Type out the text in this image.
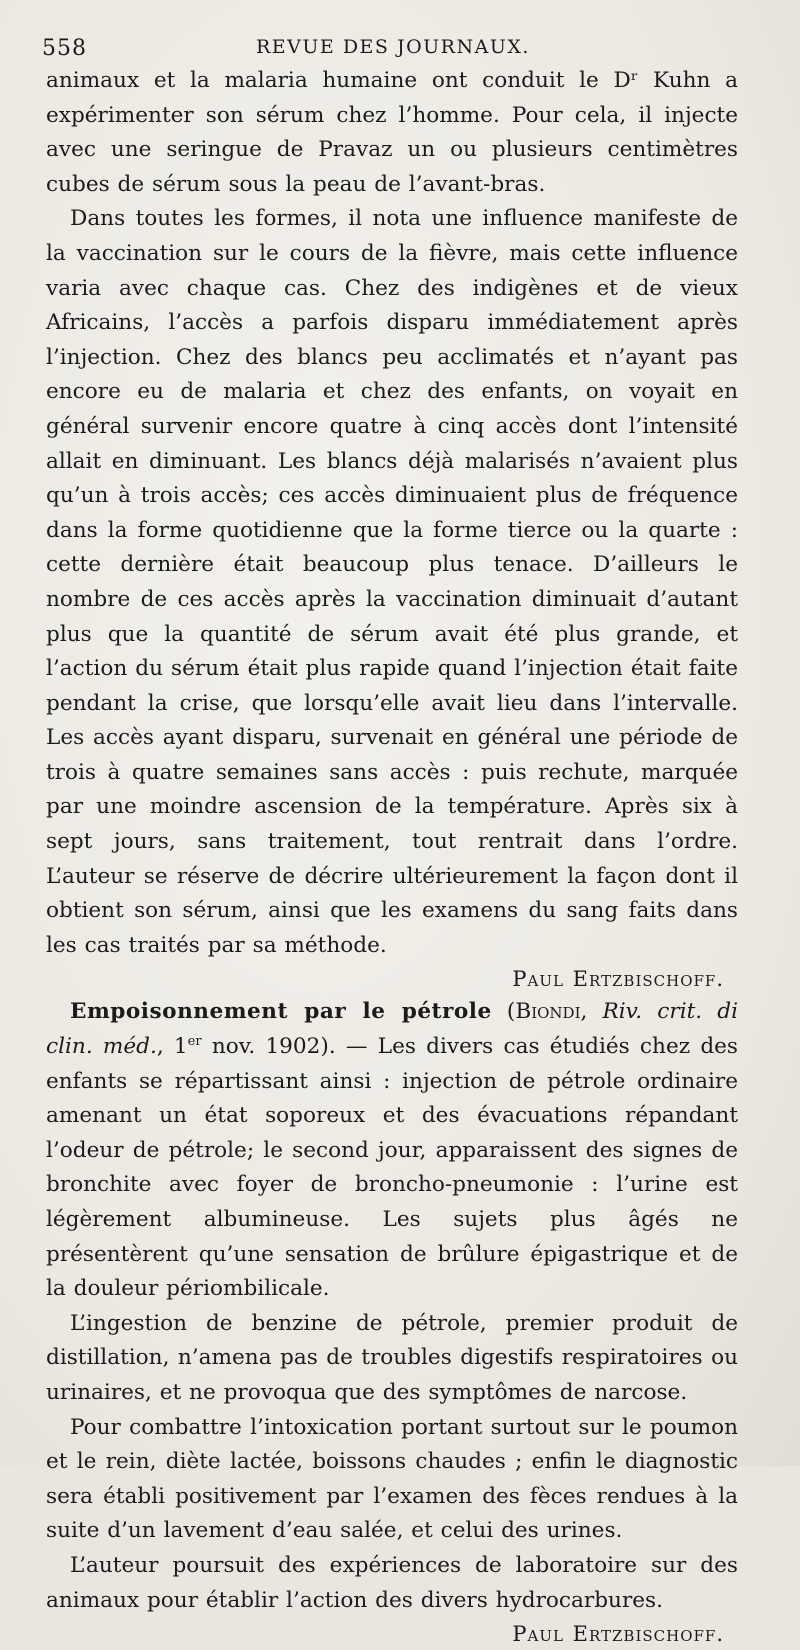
558	REVUE DES JOURNAUX.

animaux et la malaria humaine ont conduit le Dʳ Kuhn a expérimenter son sérum chez l’homme. Pour cela, il injecte avec une seringue de Pravaz un ou plusieurs centimètres cubes de sérum sous la peau de l’avant-bras.

Dans toutes les formes, il nota une influence manifeste de la vaccination sur le cours de la fièvre, mais cette influence varia avec chaque cas. Chez des indigènes et de vieux Africains, l’accès a parfois disparu immédiatement après l’injection. Chez des blancs peu acclimatés et n’ayant pas encore eu de malaria et chez des enfants, on voyait en général survenir encore quatre à cinq accès dont l’intensité allait en diminuant. Les blancs déjà malarisés n’avaient plus qu’un à trois accès; ces accès diminuaient plus de fréquence dans la forme quotidienne que la forme tierce ou la quarte : cette dernière était beaucoup plus tenace. D’ailleurs le nombre de ces accès après la vaccination diminuait d’autant plus que la quantité de sérum avait été plus grande, et l’action du sérum était plus rapide quand l’injection était faite pendant la crise, que lorsqu’elle avait lieu dans l’intervalle. Les accès ayant disparu, survenait en général une période de trois à quatre semaines sans accès : puis rechute, marquée par une moindre ascension de la température. Après six à sept jours, sans traitement, tout rentrait dans l’ordre. L’auteur se réserve de décrire ultérieurement la façon dont il obtient son sérum, ainsi que les examens du sang faits dans les cas traités par sa méthode.

Paul Ertzbischoff.

Empoisonnement par le pétrole (Biondi, Riv. crit. di clin. méd., 1er nov. 1902). — Les divers cas étudiés chez des enfants se répartissant ainsi : injection de pétrole ordinaire amenant un état soporeux et des évacuations répandant l’odeur de pétrole; le second jour, apparaissent des signes de bronchite avec foyer de broncho-pneumonie : l’urine est légèrement albumineuse. Les sujets plus âgés ne présentèrent qu’une sensation de brûlure épigastrique et de la douleur périombilicale.

L’ingestion de benzine de pétrole, premier produit de distillation, n’amena pas de troubles digestifs respiratoires ou urinaires, et ne provoqua que des symptômes de narcose.

Pour combattre l’intoxication portant surtout sur le poumon et le rein, diète lactée, boissons chaudes ; enfin le diagnostic sera établi positivement par l’examen des fèces rendues à la suite d’un lavement d’eau salée, et celui des urines.

L’auteur poursuit des expériences de laboratoire sur des animaux pour établir l’action des divers hydrocarbures.

Paul Ertzbischoff.
